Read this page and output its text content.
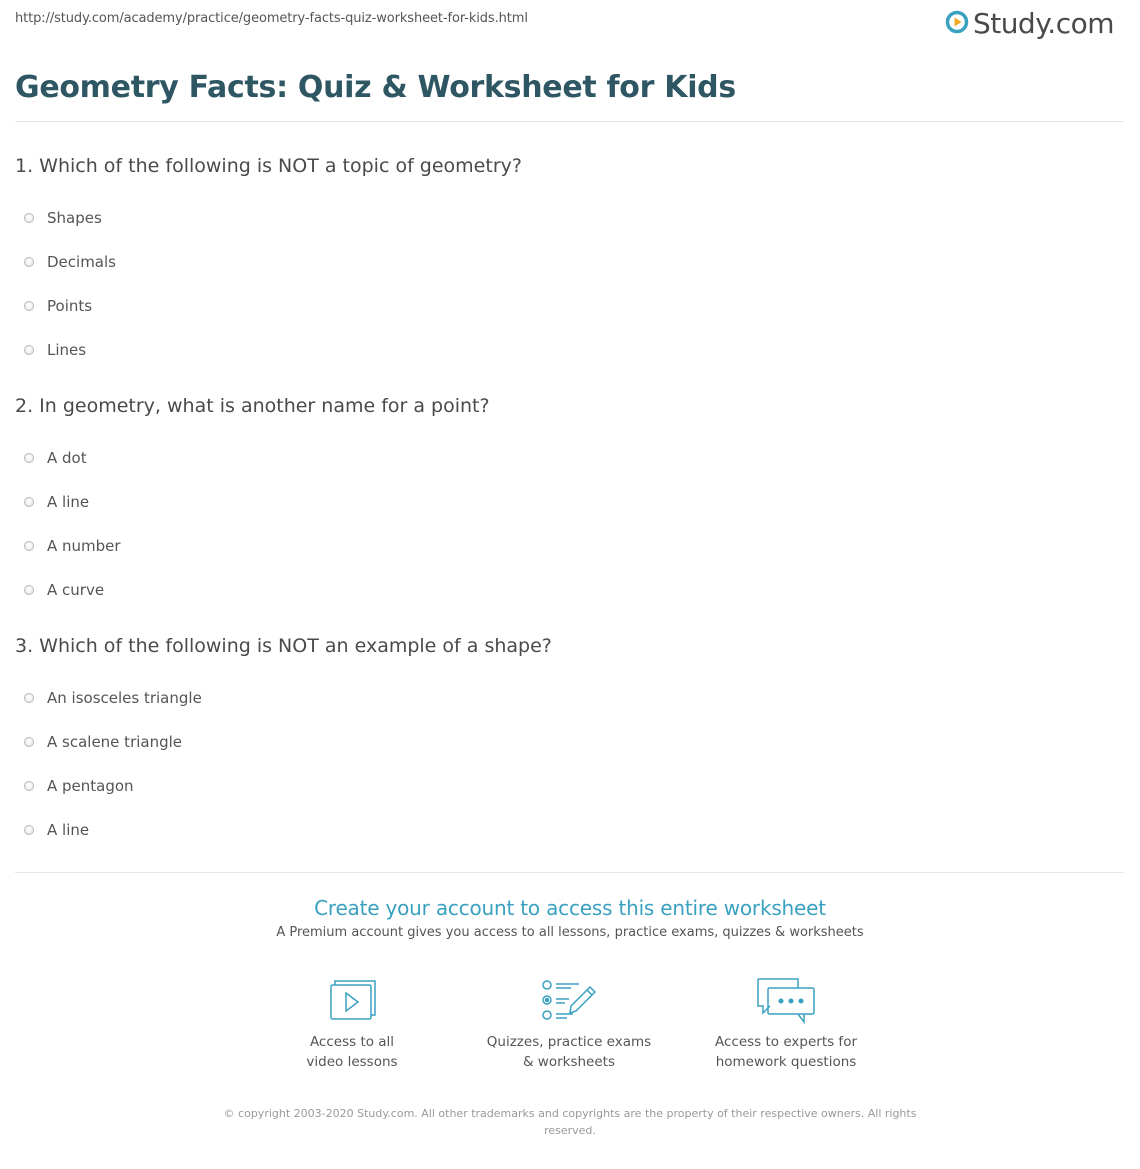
http://study.com/academy/practice/geometry-facts-quiz-worksheet-for-kids.html	Study.com
Geometry Facts: Quiz & Worksheet for Kids
1. Which of the following is NOT a topic of geometry?
Shapes
Decimals
Points
Lines
2. In geometry, what is another name for a point?
A dot
A line
A number
A curve
3. Which of the following is NOT an example of a shape?
An isosceles triangle
A scalene triangle
A pentagon
A line
Create your account to access this entire worksheet
A Premium account gives you access to all lessons, practice exams, quizzes & worksheets
Access to all
video lessons
Quizzes, practice exams
& worksheets
Access to experts for
homework questions
© copyright 2003-2020 Study.com. All other trademarks and copyrights are the property of their respective owners. All rights
reserved.
